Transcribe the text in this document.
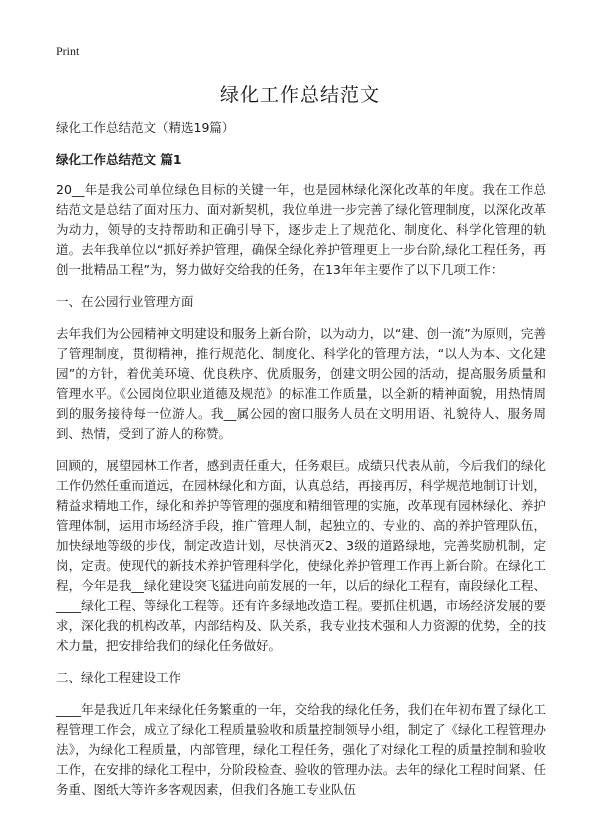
Print
绿化工作总结范文

绿化工作总结范文（精选19篇）

绿化工作总结范文 篇1

20__年是我公司单位绿色目标的关键一年，也是园林绿化深化改革的年度。我在工作总结范文是总结了面对压力、面对新契机，我位单进一步完善了绿化管理制度，以深化改革为动力，领导的支持帮助和正确引导下，逐步走上了规范化、制度化、科学化管理的轨道。去年我单位以“抓好养护管理，确保全绿化养护管理更上一步台阶,绿化工程任务，再创一批精品工程”为，努力做好交给我的任务，在13年年主要作了以下几项工作：

一、在公园行业管理方面

去年我们为公园精神文明建设和服务上新台阶，以为动力，以“建、创一流”为原则，完善了管理制度，贯彻精神，推行规范化、制度化、科学化的管理方法，“以人为本、文化建园”的方针，着优美环境、优良秩序、优质服务，创建文明公园的活动，提高服务质量和管理水平。《公园岗位职业道德及规范》的标准工作质量，以全新的精神面貌，用热情周到的服务接待每一位游人。我__属公园的窗口服务人员在文明用语、礼貌待人、服务周到、热情，受到了游人的称赞。

回顾的，展望园林工作者，感到责任重大，任务艰巨。成绩只代表从前，今后我们的绿化工作仍然任重而道远，在园林绿化和方面，认真总结，再接再厉，科学规范地制订计划，精益求精地工作，绿化和养护等管理的强度和精细管理的实施，改革现有园林绿化、养护管理体制，运用市场经济手段，推广管理人制，起独立的、专业的、高的养护管理队伍，加快绿地等级的步伐，制定改造计划，尽快消灭2、3级的道路绿地，完善奖励机制，定岗，定责。使现代的新技术养护管理科学化，使绿化养护管理工作再上新台阶。在绿化工程，今年是我__绿化建设突飞猛进向前发展的一年，以后的绿化工程有，南段绿化工程、____绿化工程、等绿化工程等。还有许多绿地改造工程。要抓住机遇，市场经济发展的要求，深化我的机构改革，内部结构及、队关系，我专业技术强和人力资源的优势，全的技术力量，把安排给我们的绿化任务做好。

二、绿化工程建设工作

____年是我近几年来绿化任务繁重的一年，交给我的绿化任务，我们在年初布置了绿化工程管理工作会，成立了绿化工程质量验收和质量控制领导小组，制定了《绿化工程管理办法》，为绿化工程质量，内部管理，绿化工程任务，强化了对绿化工程的质量控制和验收工作，在安排的绿化工程中，分阶段检查、验收的管理办法。去年的绿化工程时间紧、任务重、图纸大等许多客观因素，但我们各施工专业队伍
